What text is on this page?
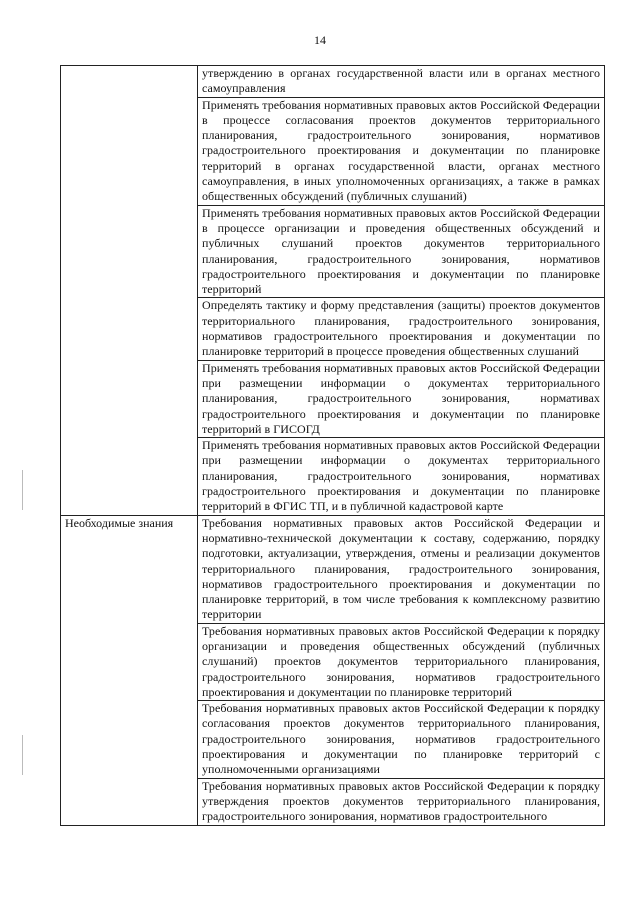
14
	утверждению в органах государственной власти или в органах местного самоуправления
	Применять требования нормативных правовых актов Российской Федерации в процессе согласования проектов документов территориального планирования, градостроительного зонирования, нормативов градостроительного проектирования и документации по планировке территорий в органах государственной власти, органах местного самоуправления, в иных уполномоченных организациях, а также в рамках общественных обсуждений (публичных слушаний)
	Применять требования нормативных правовых актов Российской Федерации в процессе организации и проведения общественных обсуждений и публичных слушаний проектов документов территориального планирования, градостроительного зонирования, нормативов градостроительного проектирования и документации по планировке территорий
	Определять тактику и форму представления (защиты) проектов документов территориального планирования, градостроительного зонирования, нормативов градостроительного проектирования и документации по планировке территорий в процессе проведения общественных слушаний
	Применять требования нормативных правовых актов Российской Федерации при размещении информации о документах территориального планирования, градостроительного зонирования, нормативах градостроительного проектирования и документации по планировке территорий в ГИСОГД
	Применять требования нормативных правовых актов Российской Федерации при размещении информации о документах территориального планирования, градостроительного зонирования, нормативах градостроительного проектирования и документации по планировке территорий в ФГИС ТП, и в публичной кадастровой карте
Необходимые знания	Требования нормативных правовых актов Российской Федерации и нормативно-технической документации к составу, содержанию, порядку подготовки, актуализации, утверждения, отмены и реализации документов территориального планирования, градостроительного зонирования, нормативов градостроительного проектирования и документации по планировке территорий, в том числе требования к комплексному развитию территории
	Требования нормативных правовых актов Российской Федерации к порядку организации и проведения общественных обсуждений (публичных слушаний) проектов документов территориального планирования, градостроительного зонирования, нормативов градостроительного проектирования и документации по планировке территорий
	Требования нормативных правовых актов Российской Федерации к порядку согласования проектов документов территориального планирования, градостроительного зонирования, нормативов градостроительного проектирования и документации по планировке территорий с уполномоченными организациями
	Требования нормативных правовых актов Российской Федерации к порядку утверждения проектов документов территориального планирования, градостроительного зонирования, нормативов градостроительного
